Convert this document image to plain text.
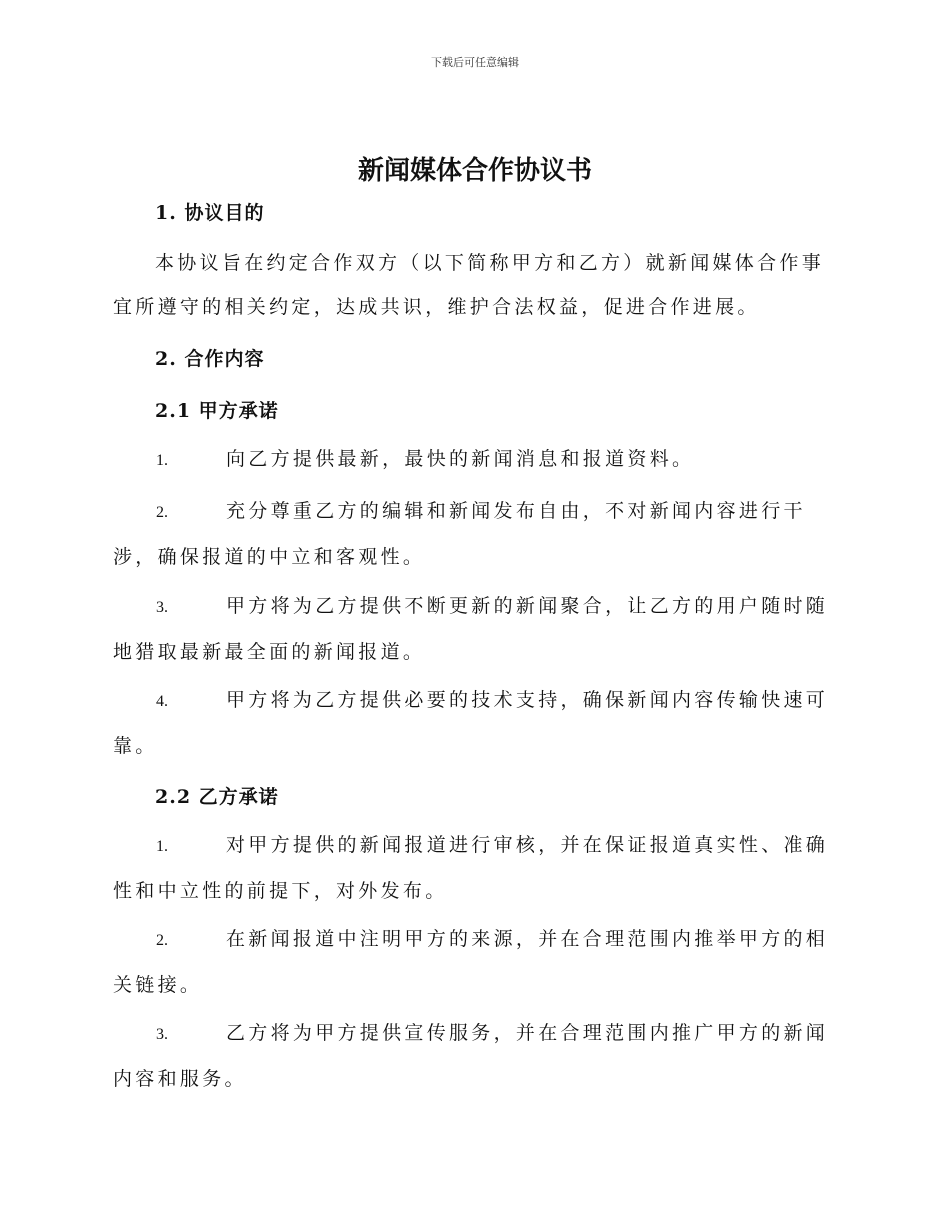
下载后可任意编辑
新闻媒体合作协议书
1. 协议目的
本协议旨在约定合作双方（以下简称甲方和乙方）就新闻媒体合作事宜所遵守的相关约定，达成共识，维护合法权益，促进合作进展。
2. 合作内容
2.1 甲方承诺
1.	向乙方提供最新，最快的新闻消息和报道资料。
2.	充分尊重乙方的编辑和新闻发布自由，不对新闻内容进行干涉，确保报道的中立和客观性。
3.	甲方将为乙方提供不断更新的新闻聚合，让乙方的用户随时随地猎取最新最全面的新闻报道。
4.	甲方将为乙方提供必要的技术支持，确保新闻内容传输快速可靠。
2.2 乙方承诺
1.	对甲方提供的新闻报道进行审核，并在保证报道真实性、准确性和中立性的前提下，对外发布。
2.	在新闻报道中注明甲方的来源，并在合理范围内推举甲方的相关链接。
3.	乙方将为甲方提供宣传服务，并在合理范围内推广甲方的新闻内容和服务。
